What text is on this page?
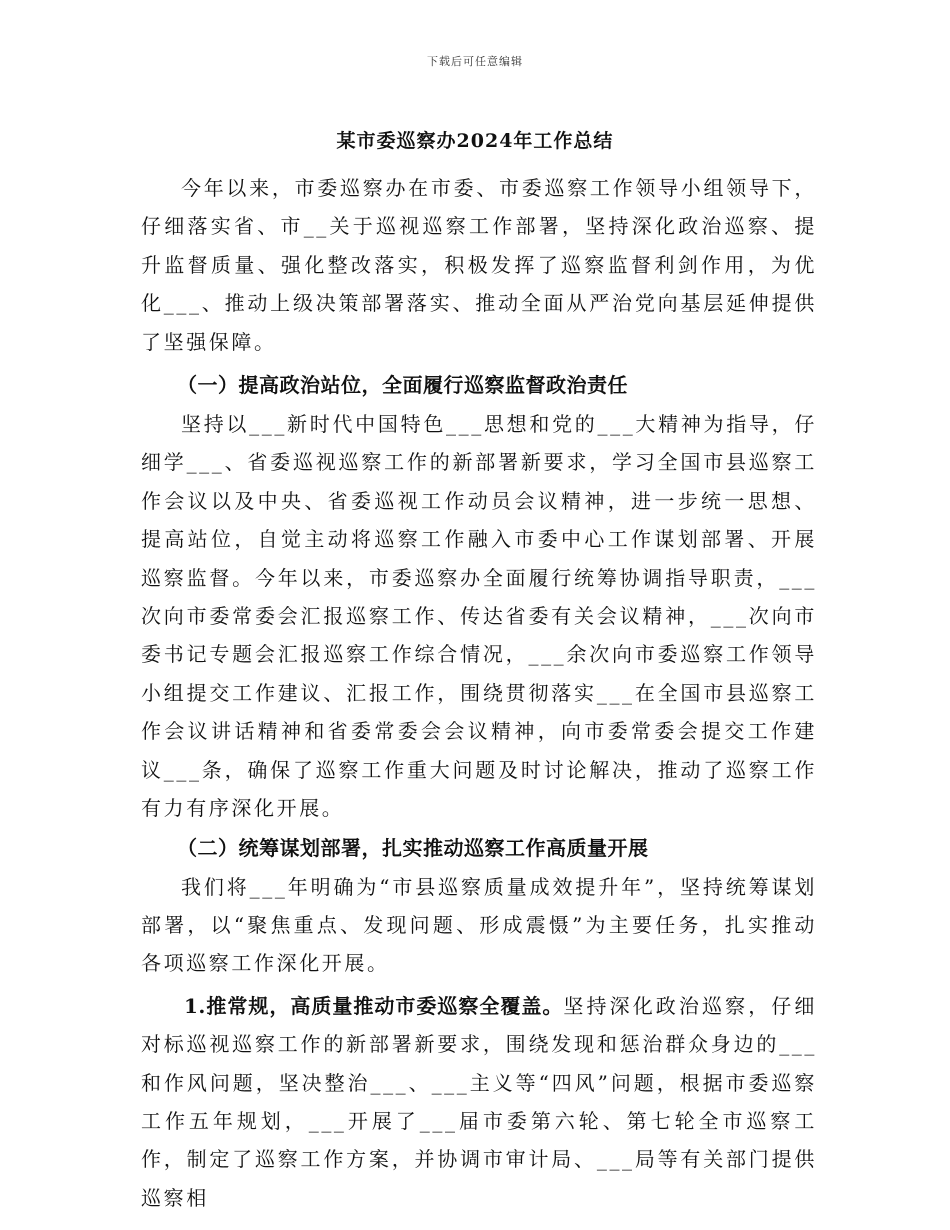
下载后可任意编辑
某市委巡察办2024年工作总结

今年以来，市委巡察办在市委、市委巡察工作领导小组领导下，仔细落实省、市__关于巡视巡察工作部署，坚持深化政治巡察、提升监督质量、强化整改落实，积极发挥了巡察监督利剑作用，为优化___、推动上级决策部署落实、推动全面从严治党向基层延伸提供了坚强保障。

（一）提高政治站位，全面履行巡察监督政治责任

坚持以___新时代中国特色___思想和党的___大精神为指导，仔细学___、省委巡视巡察工作的新部署新要求，学习全国市县巡察工作会议以及中央、省委巡视工作动员会议精神，进一步统一思想、提高站位，自觉主动将巡察工作融入市委中心工作谋划部署、开展巡察监督。今年以来，市委巡察办全面履行统筹协调指导职责，___次向市委常委会汇报巡察工作、传达省委有关会议精神，___次向市委书记专题会汇报巡察工作综合情况，___余次向市委巡察工作领导小组提交工作建议、汇报工作，围绕贯彻落实___在全国市县巡察工作会议讲话精神和省委常委会会议精神，向市委常委会提交工作建议___条，确保了巡察工作重大问题及时讨论解决，推动了巡察工作有力有序深化开展。

（二）统筹谋划部署，扎实推动巡察工作高质量开展

我们将___年明确为“市县巡察质量成效提升年”，坚持统筹谋划部署，以“聚焦重点、发现问题、形成震慑”为主要任务，扎实推动各项巡察工作深化开展。

1.推常规，高质量推动市委巡察全覆盖。坚持深化政治巡察，仔细对标巡视巡察工作的新部署新要求，围绕发现和惩治群众身边的___和作风问题，坚决整治___、___主义等“四风”问题，根据市委巡察工作五年规划，___开展了___届市委第六轮、第七轮全市巡察工作，制定了巡察工作方案，并协调市审计局、___局等有关部门提供巡察相
